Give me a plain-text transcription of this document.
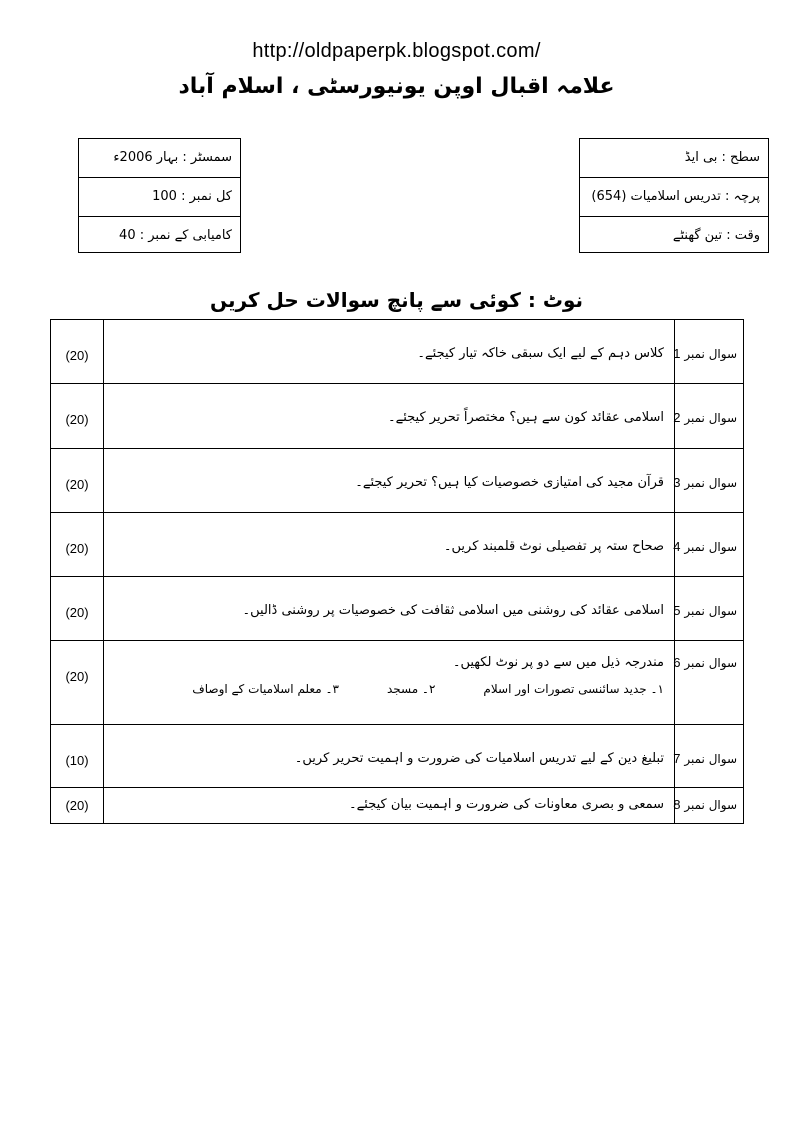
http://oldpaperpk.blogspot.com/
علامہ اقبال اوپن یونیورسٹی ، اسلام آباد
سمسٹر : بہار 2006ء
کل نمبر : 100
کامیابی کے نمبر : 40
سطح : بی ایڈ
پرچہ : تدریس اسلامیات (654)
وقت : تین گھنٹے
نوٹ : کوئی سے پانچ سوالات حل کریں
(20)	کلاس دہم کے لیے ایک سبقی خاکہ تیار کیجئے۔	سوال نمبر 1
(20)	اسلامی عقائد کون سے ہیں؟ مختصراً تحریر کیجئے۔	سوال نمبر 2
(20)	قرآن مجید کی امتیازی خصوصیات کیا ہیں؟ تحریر کیجئے۔	سوال نمبر 3
(20)	صحاح ستہ پر تفصیلی نوٹ قلمبند کریں۔	سوال نمبر 4
(20)	اسلامی عقائد کی روشنی میں اسلامی ثقافت کی خصوصیات پر روشنی ڈالیں۔	سوال نمبر 5
(20)	مندرجہ ذیل میں سے دو پر نوٹ لکھیں۔
۱۔ جدید سائنسی تصورات اور اسلام
۲۔ مسجد
۳۔ معلم اسلامیات کے اوصاف	سوال نمبر 6
(10)	تبلیغ دین کے لیے تدریس اسلامیات کی ضرورت و اہمیت تحریر کریں۔	سوال نمبر 7
(20)	سمعی و بصری معاونات کی ضرورت و اہمیت بیان کیجئے۔	سوال نمبر 8
